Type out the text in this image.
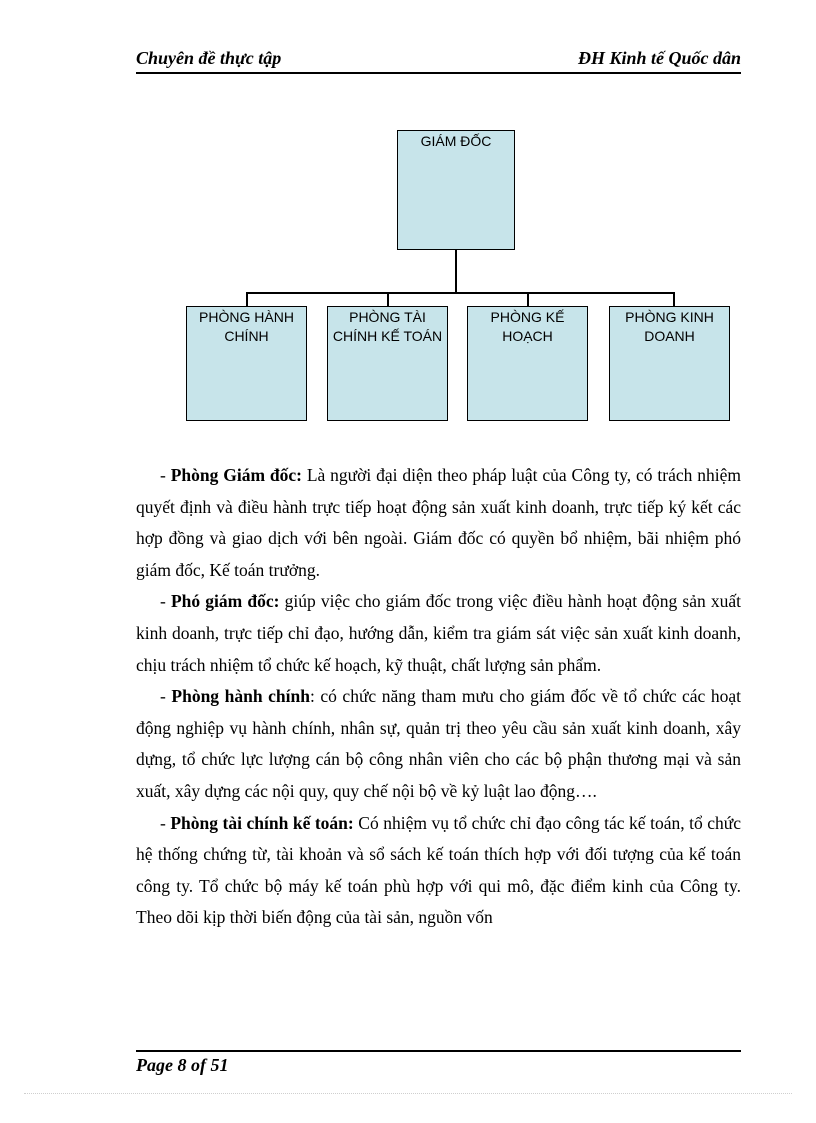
Chuyên đề thực tập	ĐH Kinh tế Quốc dân
GIÁM ĐỐC
PHÒNG HÀNH CHÍNH
PHÒNG TÀI CHÍNH KẾ TOÁN
PHÒNG KẾ HOẠCH
PHÒNG KINH DOANH

- Phòng Giám đốc: Là người đại diện theo pháp luật của Công ty, có trách nhiệm quyết định và điều hành trực tiếp hoạt động sản xuất kinh doanh, trực tiếp ký kết các hợp đồng và giao dịch với bên ngoài. Giám đốc có quyền bổ nhiệm, bãi nhiệm phó giám đốc, Kế toán trưởng.

- Phó giám đốc: giúp việc cho giám đốc trong việc điều hành hoạt động sản xuất kinh doanh, trực tiếp chỉ đạo, hướng dẫn, kiểm tra giám sát việc sản xuất kinh doanh, chịu trách nhiệm tổ chức kế hoạch, kỹ thuật, chất lượng sản phẩm.

- Phòng hành chính: có chức năng tham mưu cho giám đốc về tổ chức các hoạt động nghiệp vụ hành chính, nhân sự, quản trị theo yêu cầu sản xuất kinh doanh, xây dựng, tổ chức lực lượng cán bộ công nhân viên cho các bộ phận thương mại và sản xuất, xây dựng các nội quy, quy chế nội bộ về kỷ luật lao động….

- Phòng tài chính kế toán: Có nhiệm vụ tổ chức chỉ đạo công tác kế toán, tổ chức hệ thống chứng từ, tài khoản và sổ sách kế toán thích hợp với đối tượng của kế toán công ty. Tổ chức bộ máy kế toán phù hợp với qui mô, đặc điểm kinh của Công ty. Theo dõi kịp thời biến động của tài sản, nguồn vốn

Page 8 of 51
